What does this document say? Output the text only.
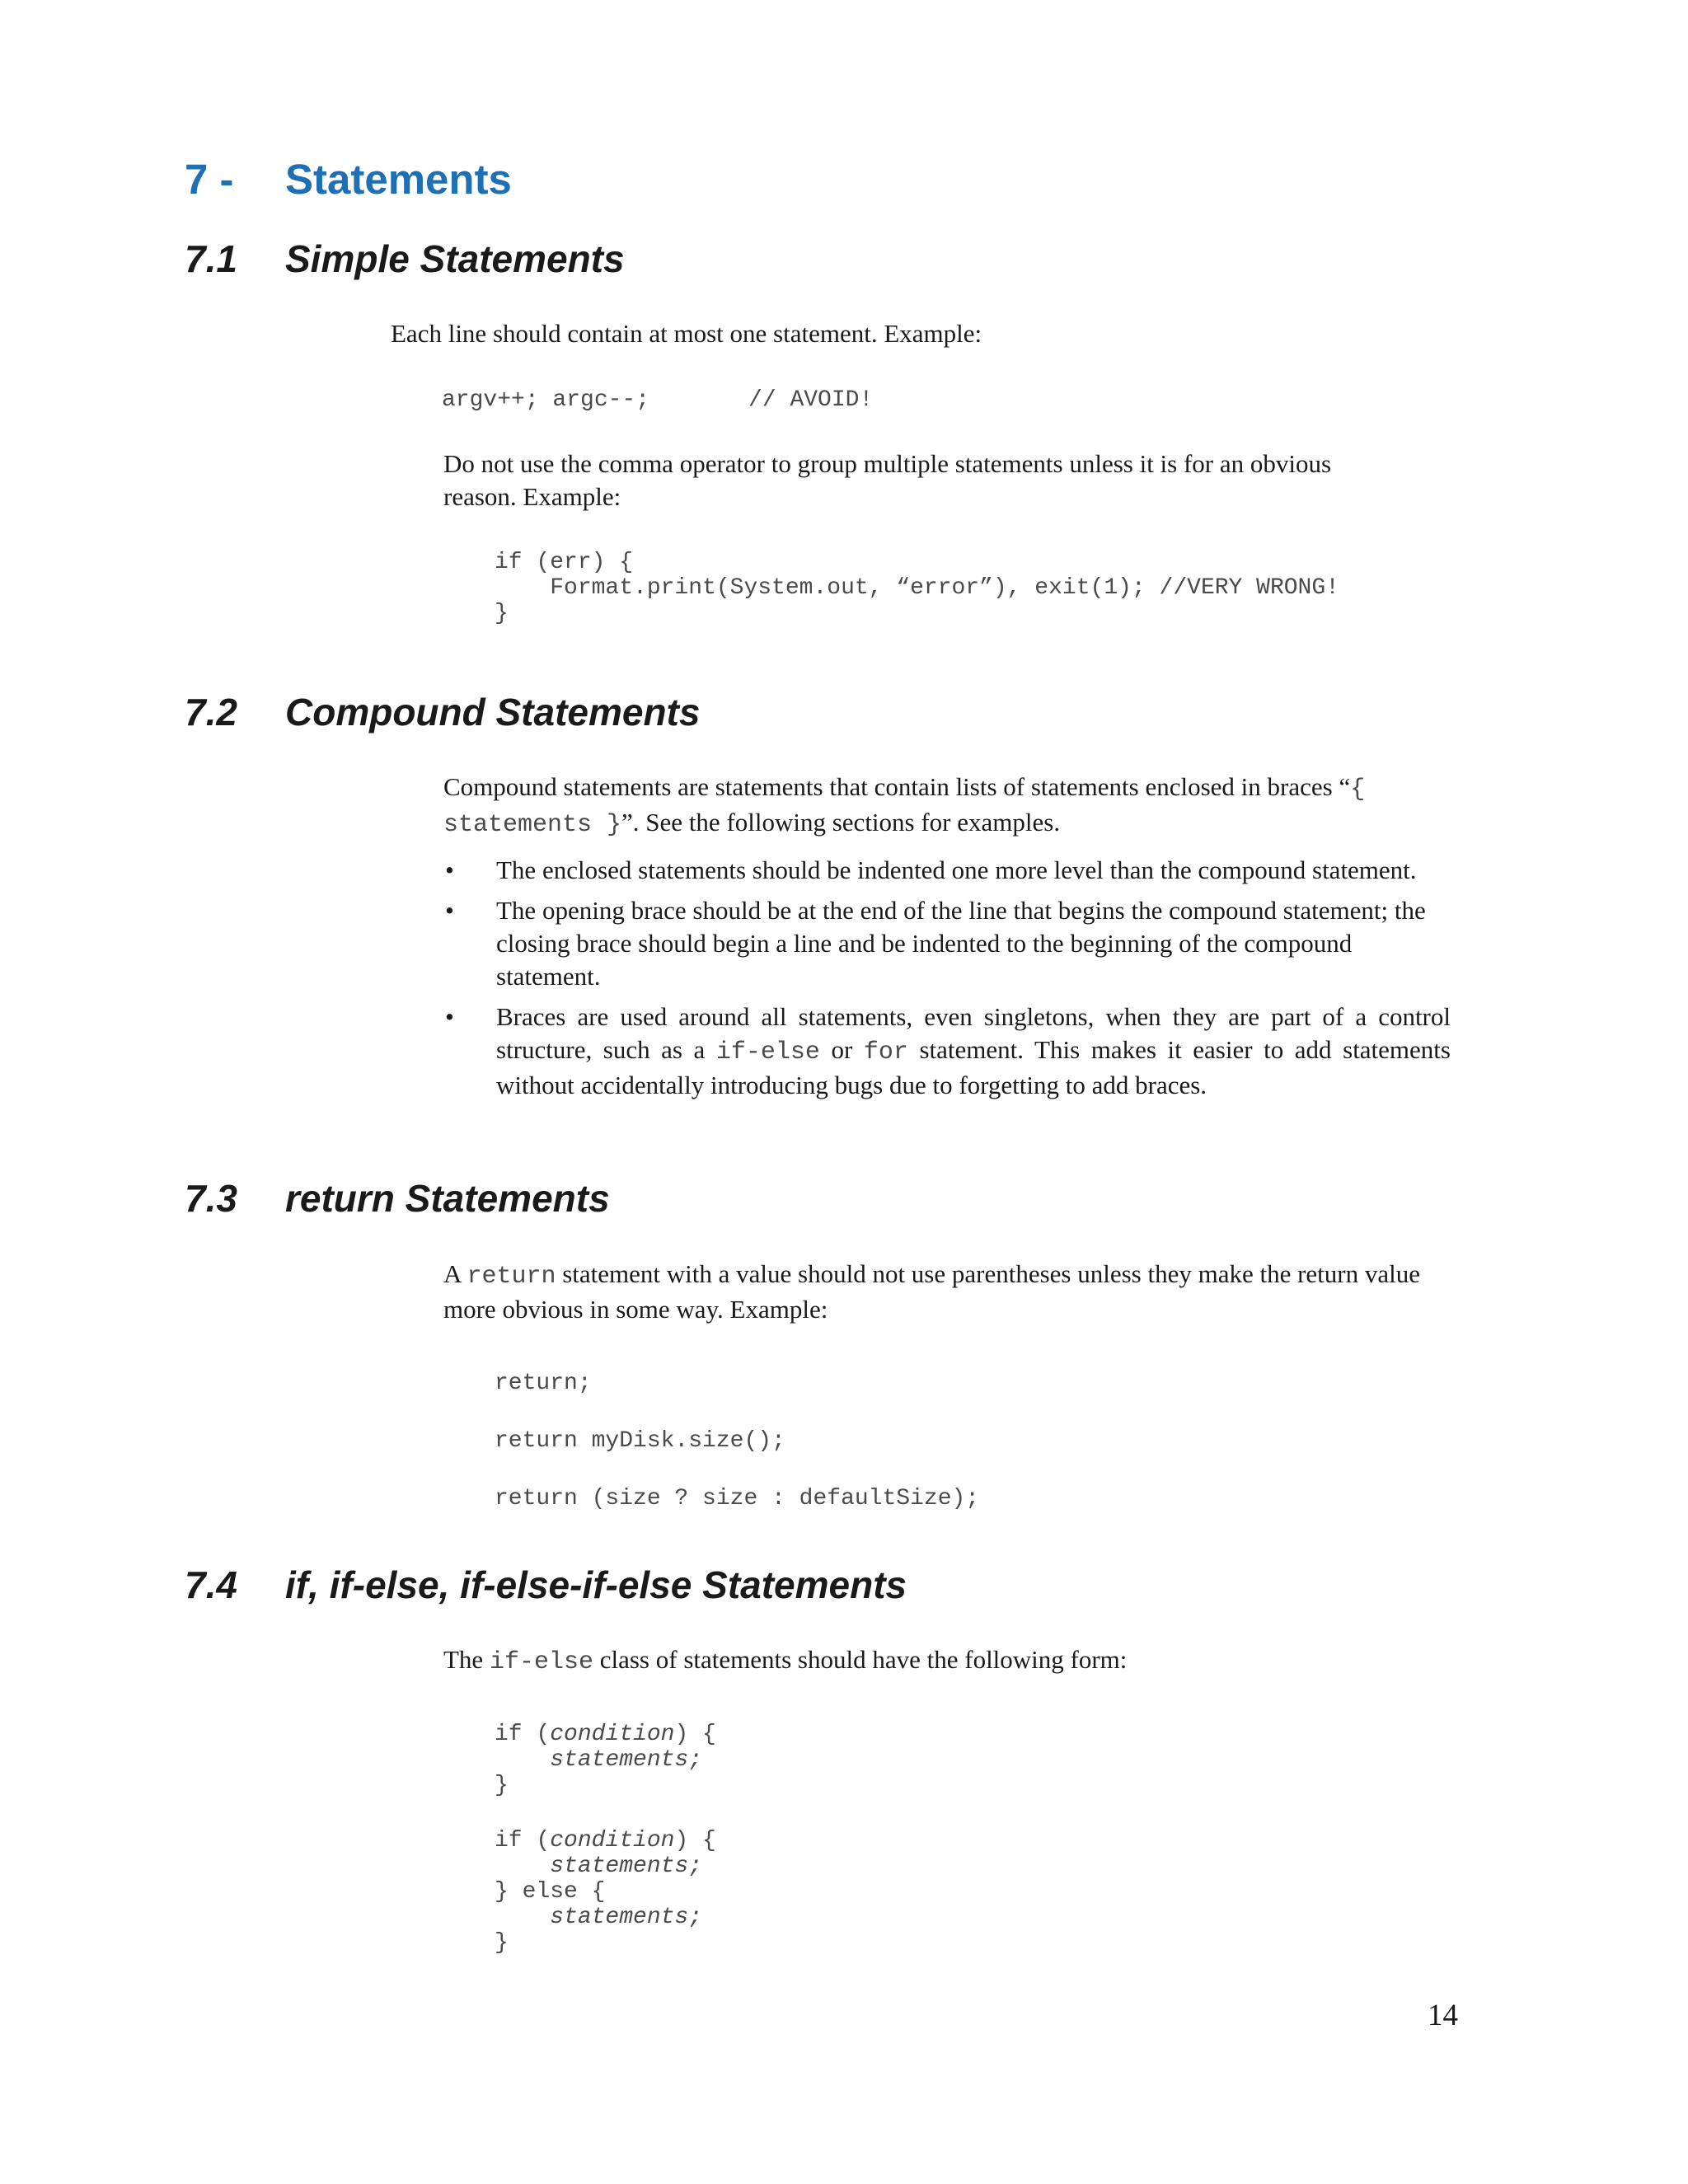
7 - Statements
7.1 Simple Statements

Each line should contain at most one statement. Example:

argv++; argc--;	// AVOID!

Do not use the comma operator to group multiple statements unless it is for an obvious reason. Example:

if (err) {
Format.print(System.out, “error”), exit(1); //VERY WRONG!
}
7.2 Compound Statements

Compound statements are statements that contain lists of statements enclosed in braces “{ statements }”. See the following sections for examples.

•	The enclosed statements should be indented one more level than the compound statement.
•	The opening brace should be at the end of the line that begins the compound statement; the closing brace should begin a line and be indented to the beginning of the compound statement.
•	Braces are used around all statements, even singletons, when they are part of a control structure, such as a if-else or for statement. This makes it easier to add statements without accidentally introducing bugs due to forgetting to add braces.
7.3 return Statements

A return statement with a value should not use parentheses unless they make the return value more obvious in some way. Example:

return;
return myDisk.size();
return (size ? size : defaultSize);
7.4 if, if-else, if-else-if-else Statements

The if-else class of statements should have the following form:

if (condition) {
statements;
}
if (condition) {
statements;
} else {
statements;
}
14
